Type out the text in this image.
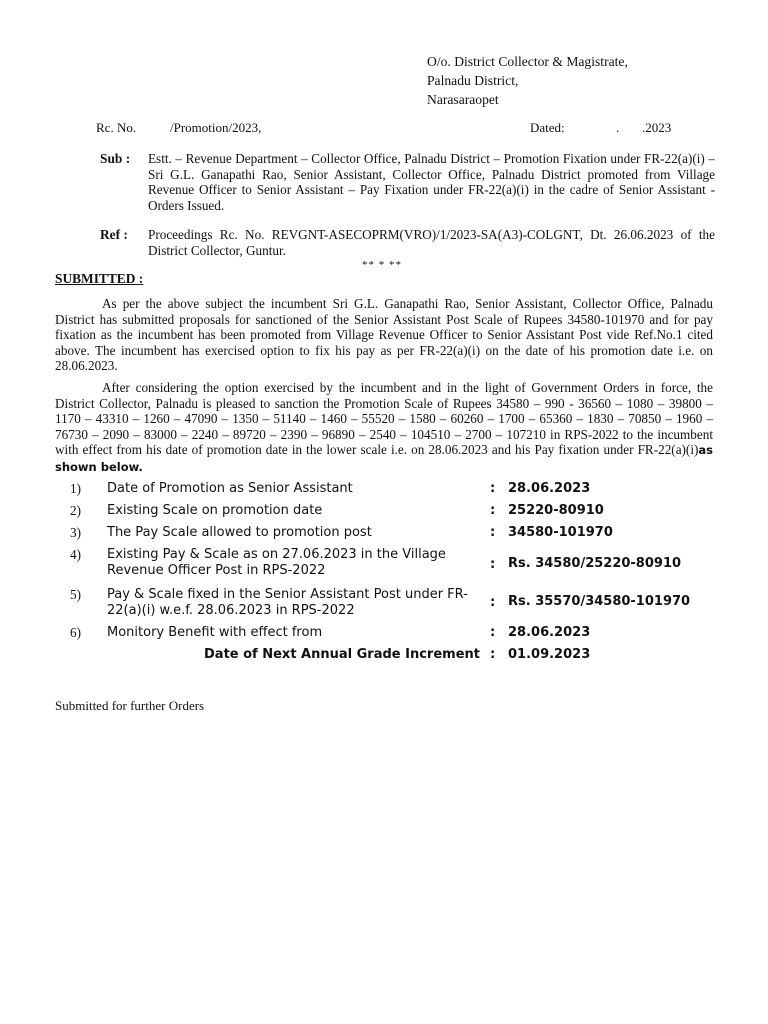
O/o. District Collector & Magistrate,
Palnadu District,
Narasaraopet
Rc. No.	/Promotion/2023,	Dated:	.       .2023
Sub : Estt. – Revenue Department – Collector Office, Palnadu District – Promotion Fixation under FR-22(a)(i) – Sri G.L. Ganapathi Rao, Senior Assistant, Collector Office, Palnadu District promoted from Village Revenue Officer to Senior Assistant – Pay Fixation under FR-22(a)(i) in the cadre of Senior Assistant - Orders Issued.
Ref : Proceedings Rc. No. REVGNT-ASECOPRM(VRO)/1/2023-SA(A3)-COLGNT, Dt. 26.06.2023 of the District Collector, Guntur.
** * **
SUBMITTED :
As per the above subject the incumbent Sri G.L. Ganapathi Rao, Senior Assistant, Collector Office, Palnadu District has submitted proposals for sanctioned of the Senior Assistant Post Scale of Rupees 34580-101970 and for pay fixation as the incumbent has been promoted from Village Revenue Officer to Senior Assistant Post vide Ref.No.1 cited above. The incumbent has exercised option to fix his pay as per FR-22(a)(i) on the date of his promotion date i.e. on 28.06.2023.
After considering the option exercised by the incumbent and in the light of Government Orders in force, the District Collector, Palnadu is pleased to sanction the Promotion Scale of Rupees 34580 – 990 - 36560 – 1080 – 39800 – 1170 – 43310 – 1260 – 47090 – 1350 – 51140 – 1460 – 55520 – 1580 – 60260 – 1700 – 65360 – 1830 – 70850 – 1960 – 76730 – 2090 – 83000 – 2240 – 89720 – 2390 – 96890 – 2540 – 104510 – 2700 – 107210 in RPS-2022 to the incumbent with effect from his date of promotion date in the lower scale i.e. on 28.06.2023 and his Pay fixation under FR-22(a)(i)as shown below.
1)	Date of Promotion as Senior Assistant	: 28.06.2023
2)	Existing Scale on promotion date	: 25220-80910
3)	The Pay Scale allowed to promotion post	: 34580-101970
4)	Existing Pay & Scale as on 27.06.2023 in the Village Revenue Officer Post in RPS-2022	: Rs. 34580/25220-80910
5)	Pay & Scale fixed in the Senior Assistant Post under FR-22(a)(i) w.e.f. 28.06.2023 in RPS-2022
: Rs. 35570/34580-101970
6)	Monitory Benefit with effect from	: 28.06.2023
Date of Next Annual Grade Increment : 01.09.2023
Submitted for further Orders
